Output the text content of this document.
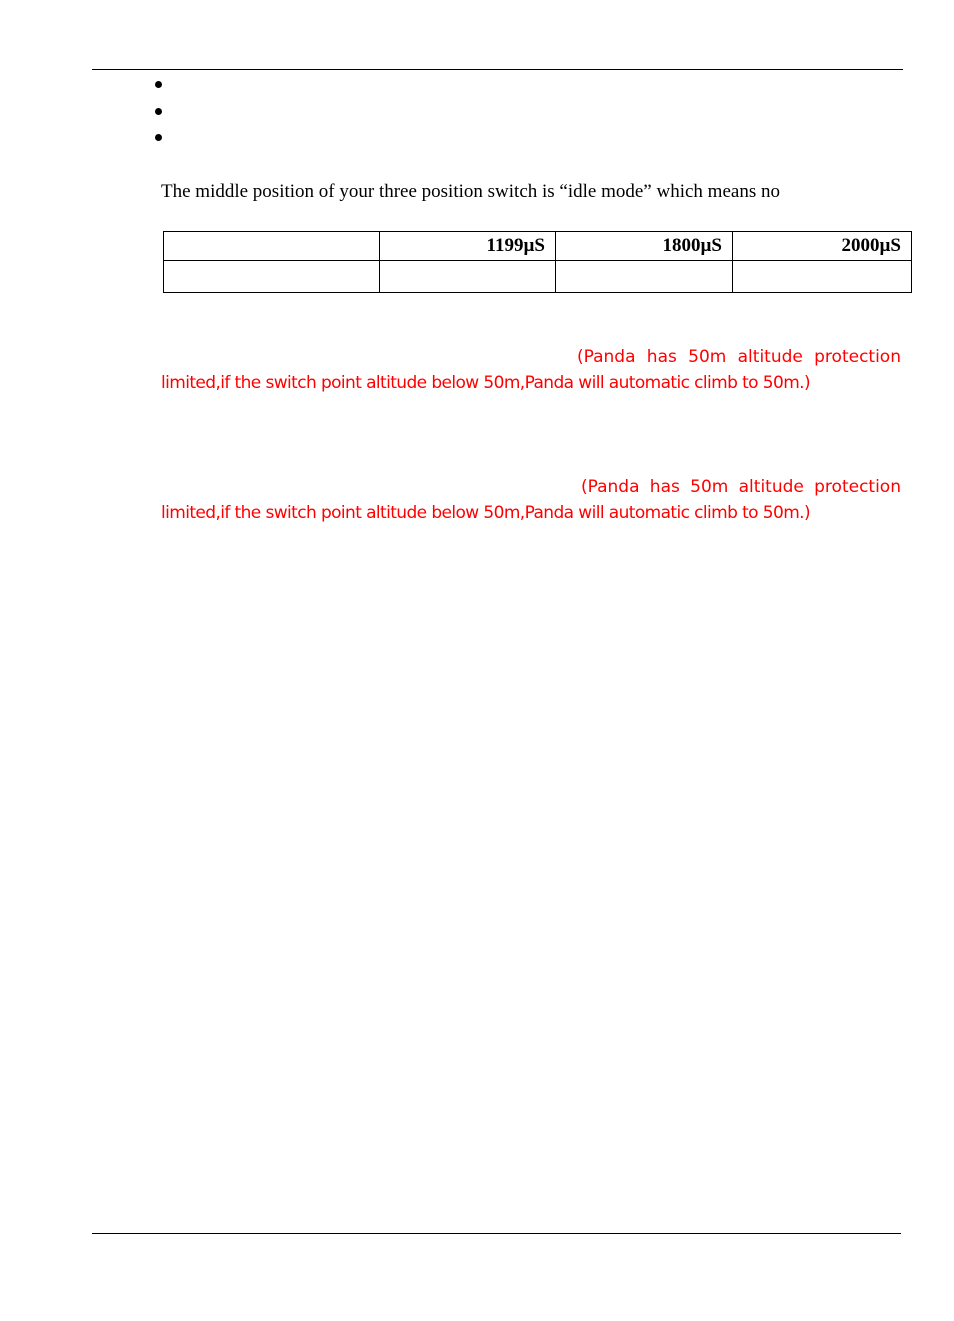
The middle position of your three position switch is “idle mode” which means no
	1199µS	1800µS	2000µS

(Panda has 50m altitude protection
limited,if the switch point altitude below 50m,Panda will automatic climb to 50m.)
(Panda has 50m altitude protection
limited,if the switch point altitude below 50m,Panda will automatic climb to 50m.)
